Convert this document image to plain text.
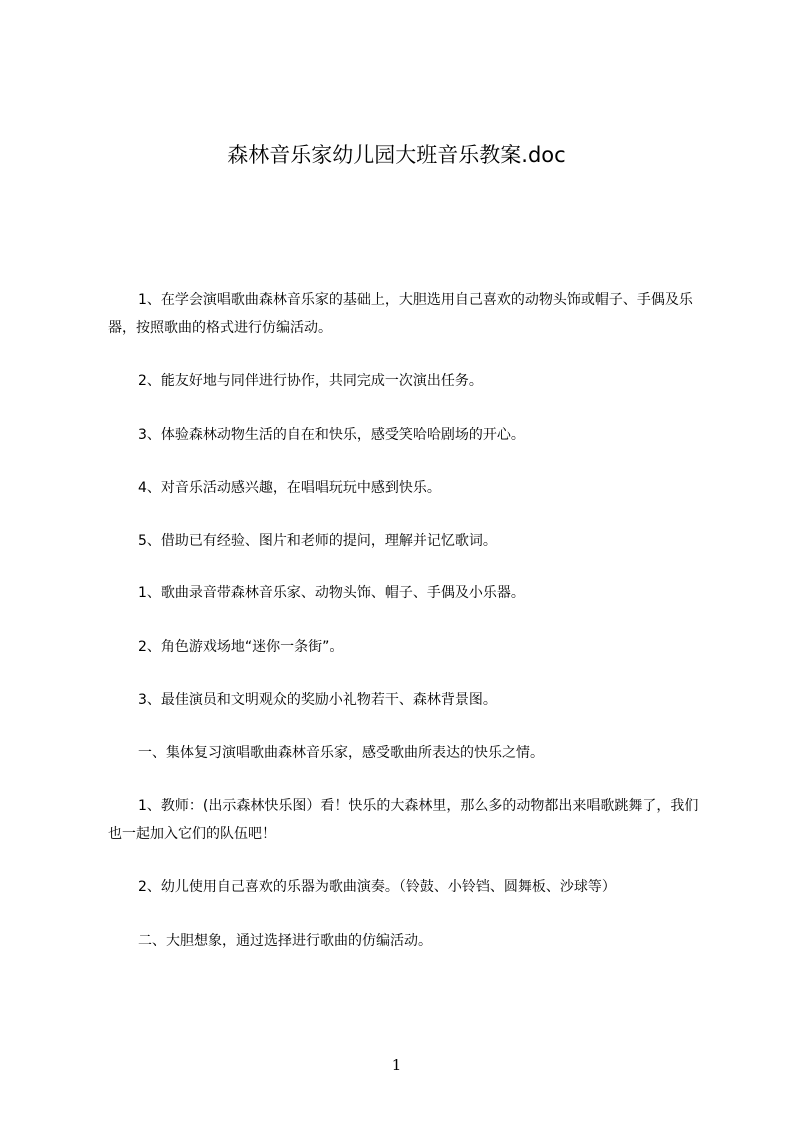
森林音乐家幼儿园大班音乐教案.doc

1、在学会演唱歌曲森林音乐家的基础上，大胆选用自己喜欢的动物头饰或帽子、手偶及乐器，按照歌曲的格式进行仿编活动。

2、能友好地与同伴进行协作，共同完成一次演出任务。

3、体验森林动物生活的自在和快乐，感受笑哈哈剧场的开心。

4、对音乐活动感兴趣，在唱唱玩玩中感到快乐。

5、借助已有经验、图片和老师的提问，理解并记忆歌词。

1、歌曲录音带森林音乐家、动物头饰、帽子、手偶及小乐器。

2、角色游戏场地“迷你一条街”。

3、最佳演员和文明观众的奖励小礼物若干、森林背景图。

一、集体复习演唱歌曲森林音乐家，感受歌曲所表达的快乐之情。

1、教师：(出示森林快乐图）看！快乐的大森林里，那么多的动物都出来唱歌跳舞了，我们也一起加入它们的队伍吧！

2、幼儿使用自己喜欢的乐器为歌曲演奏。（铃鼓、小铃铛、圆舞板、沙球等）

二、大胆想象，通过选择进行歌曲的仿编活动。

1
